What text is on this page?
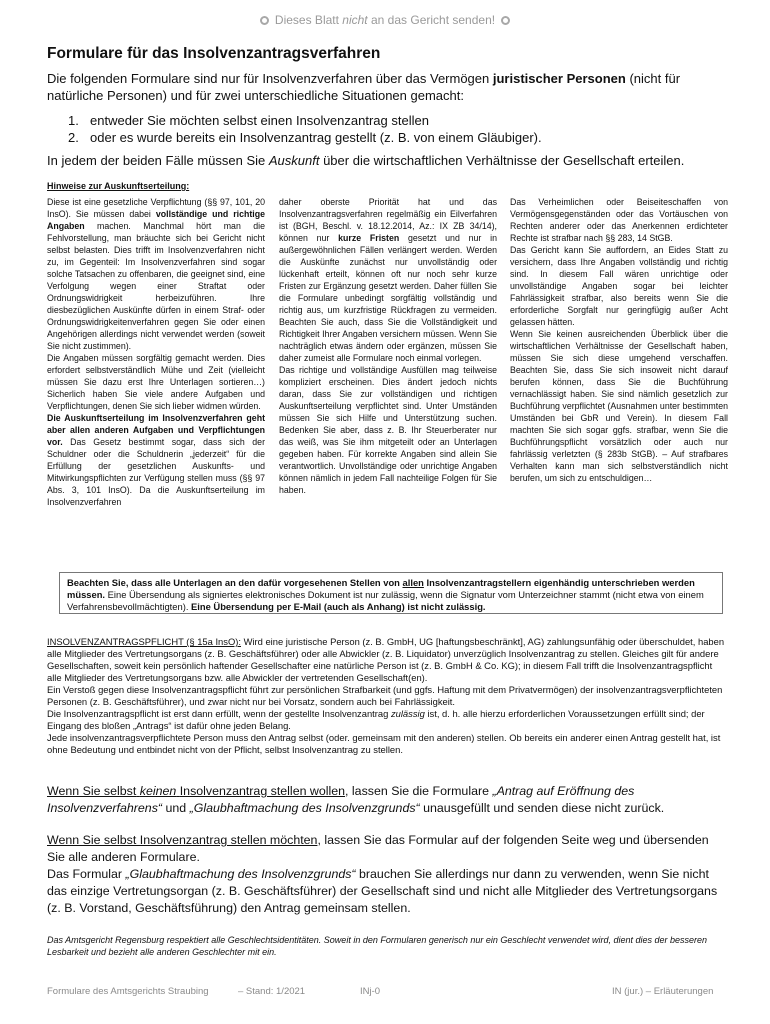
Dieses Blatt nicht an das Gericht senden!
Formulare für das Insolvenzantragsverfahren

Die folgenden Formulare sind nur für Insolvenzverfahren über das Vermögen juristischer Personen (nicht für natürliche Personen) und für zwei unterschiedliche Situationen gemacht:

1. entweder Sie möchten selbst einen Insolvenzantrag stellen
2. oder es wurde bereits ein Insolvenzantrag gestellt (z. B. von einem Gläubiger).

In jedem der beiden Fälle müssen Sie Auskunft über die wirtschaftlichen Verhältnisse der Gesellschaft erteilen.

Hinweise zur Auskunftserteilung:

Diese ist eine gesetzliche Verpflichtung (§§ 97, 101, 20 InsO). Sie müssen dabei vollständige und richtige Angaben machen. Manchmal hört man die Fehlvorstellung, man bräuchte sich bei Gericht nicht selbst belasten. Dies trifft im Insolvenzverfahren nicht zu, im Gegenteil: Im Insolvenzverfahren sind sogar solche Tatsachen zu offenbaren, die geeignet sind, eine Verfolgung wegen einer Straftat oder Ordnungswidrigkeit herbeizuführen. Ihre diesbezüglichen Auskünfte dürfen in einem Straf- oder Ordnungswidrigkeitenverfahren gegen Sie oder einen Angehörigen allerdings nicht verwendet werden (soweit Sie nicht zustimmen).

Die Angaben müssen sorgfältig gemacht werden. Dies erfordert selbstverständlich Mühe und Zeit (vielleicht müssen Sie dazu erst Ihre Unterlagen sortieren…) Sicherlich haben Sie viele andere Aufgaben und Verpflichtungen, denen Sie sich lieber widmen würden.

Die Auskunftserteilung im Insolvenzverfahren geht aber allen anderen Aufgaben und Verpflichtungen vor. Das Gesetz bestimmt sogar, dass sich der Schuldner oder die Schuldnerin „jederzeit“ für die Erfüllung der gesetzlichen Auskunfts- und Mitwirkungspflichten zur Verfügung stellen muss (§§ 97 Abs. 3, 101 InsO). Da die Auskunftserteilung im Insolvenzverfahren

daher oberste Priorität hat und das Insolvenzantragsverfahren regelmäßig ein Eilverfahren ist (BGH, Beschl. v. 18.12.2014, Az.: IX ZB 34/14), können nur kurze Fristen gesetzt und nur in außergewöhnlichen Fällen verlängert werden. Werden die Auskünfte zunächst nur unvollständig oder lückenhaft erteilt, können oft nur noch sehr kurze Fristen zur Ergänzung gesetzt werden. Daher füllen Sie die Formulare unbedingt sorgfältig vollständig und richtig aus, um kurzfristige Rückfragen zu vermeiden. Beachten Sie auch, dass Sie die Vollständigkeit und Richtigkeit Ihrer Angaben versichern müssen. Wenn Sie nachträglich etwas ändern oder ergänzen, müssen Sie daher zumeist alle Formulare noch einmal vorlegen.

Das richtige und vollständige Ausfüllen mag teilweise kompliziert erscheinen. Dies ändert jedoch nichts daran, dass Sie zur vollständigen und richtigen Auskunftserteilung verpflichtet sind. Unter Umständen müssen Sie sich Hilfe und Unterstützung suchen. Bedenken Sie aber, dass z. B. Ihr Steuerberater nur das weiß, was Sie ihm mitgeteilt oder an Unterlagen gegeben haben. Für korrekte Angaben sind allein Sie verantwortlich. Unvollständige oder unrichtige Angaben können nämlich in jedem Fall nachteilige Folgen für Sie haben.

Das Verheimlichen oder Beiseiteschaffen von Vermögensgegenständen oder das Vortäuschen von Rechten anderer oder das Anerkennen erdichteter Rechte ist strafbar nach §§ 283, 14 StGB.

Das Gericht kann Sie auffordern, an Eides Statt zu versichern, dass Ihre Angaben vollständig und richtig sind. In diesem Fall wären unrichtige oder unvollständige Angaben sogar bei leichter Fahrlässigkeit strafbar, also bereits wenn Sie die erforderliche Sorgfalt nur geringfügig außer Acht gelassen hätten.

Wenn Sie keinen ausreichenden Überblick über die wirtschaftlichen Verhältnisse der Gesellschaft haben, müssen Sie sich diese umgehend verschaffen. Beachten Sie, dass Sie sich insoweit nicht darauf berufen können, dass Sie die Buchführung vernachlässigt haben. Sie sind nämlich gesetzlich zur Buchführung verpflichtet (Ausnahmen unter bestimmten Umständen bei GbR und Verein). In diesem Fall machten Sie sich sogar ggfs. strafbar, wenn Sie die Buchführungspflicht vorsätzlich oder auch nur fahrlässig verletzten (§ 283b StGB). – Auf strafbares Verhalten kann man sich selbstverständlich nicht berufen, um sich zu entschuldigen…

Beachten Sie, dass alle Unterlagen an den dafür vorgesehenen Stellen von allen Insolvenzantragstellern eigenhändig unterschrieben werden müssen. Eine Übersendung als signiertes elektronisches Dokument ist nur zulässig, wenn die Signatur vom Unterzeichner stammt (nicht etwa von einem Verfahrensbevollmächtigten). Eine Übersendung per E-Mail (auch als Anhang) ist nicht zulässig.

INSOLVENZANTRAGSPFLICHT (§ 15a InsO): Wird eine juristische Person (z. B. GmbH, UG [haftungsbeschränkt], AG) zahlungsunfähig oder überschuldet, haben alle Mitglieder des Vertretungsorgans (z. B. Geschäftsführer) oder alle Abwickler (z. B. Liquidator) unverzüglich Insolvenzantrag zu stellen. Gleiches gilt für andere Gesellschaften, soweit kein persönlich haftender Gesellschafter eine natürliche Person ist (z. B. GmbH & Co. KG); in diesem Fall trifft die Insolvenzantragspflicht alle Mitglieder des Vertretungsorgans bzw. alle Abwickler der vertretenden Gesellschaft(en).

Ein Verstoß gegen diese Insolvenzantragspflicht führt zur persönlichen Strafbarkeit (und ggfs. Haftung mit dem Privatvermögen) der insolvenzantragsverpflichteten Personen (z. B. Geschäftsführer), und zwar nicht nur bei Vorsatz, sondern auch bei Fahrlässigkeit.

Die Insolvenzantragspflicht ist erst dann erfüllt, wenn der gestellte Insolvenzantrag zulässig ist, d. h. alle hierzu erforderlichen Voraussetzungen erfüllt sind; der Eingang des bloßen „Antrags“ ist dafür ohne jeden Belang.

Jede insolvenzantragsverpflichtete Person muss den Antrag selbst (oder. gemeinsam mit den anderen) stellen. Ob bereits ein anderer einen Antrag gestellt hat, ist ohne Bedeutung und entbindet nicht von der Pflicht, selbst Insolvenzantrag zu stellen.

Wenn Sie selbst keinen Insolvenzantrag stellen wollen, lassen Sie die Formulare „Antrag auf Eröffnung des Insolvenzverfahrens“ und „Glaubhaftmachung des Insolvenzgrunds“ unausgefüllt und senden diese nicht zurück.

Wenn Sie selbst Insolvenzantrag stellen möchten, lassen Sie das Formular auf der folgenden Seite weg und übersenden Sie alle anderen Formulare.
Das Formular „Glaubhaftmachung des Insolvenzgrunds“ brauchen Sie allerdings nur dann zu verwenden, wenn Sie nicht das einzige Vertretungsorgan (z. B. Geschäftsführer) der Gesellschaft sind und nicht alle Mitglieder des Vertretungsorgans (z. B. Vorstand, Geschäftsführung) den Antrag gemeinsam stellen.

Das Amtsgericht Regensburg respektiert alle Geschlechtsidentitäten. Soweit in den Formularen generisch nur ein Geschlecht verwendet wird, dient dies der besseren Lesbarkeit und bezieht alle anderen Geschlechter mit ein.

Formulare des Amtsgerichts Straubing	– Stand: 1/2021	INj-0	IN (jur.) – Erläuterungen
